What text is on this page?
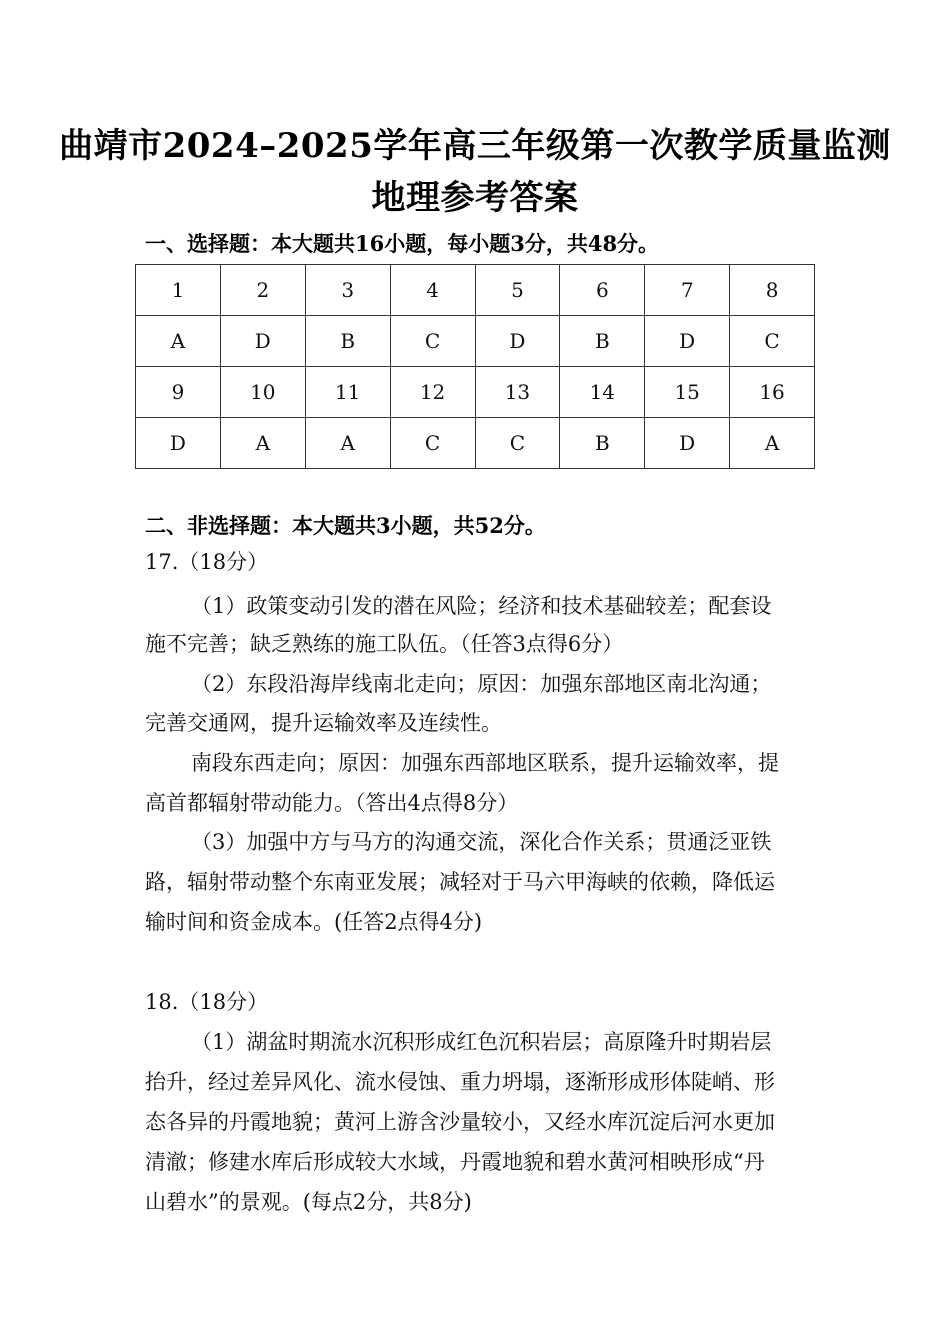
曲靖市2024–2025学年高三年级第一次教学质量监测
地理参考答案
一、选择题：本大题共16小题，每小题3分，共48分。
1	2	3	4	5	6	7	8
A	D	B	C	D	B	D	C
9	10	11	12	13	14	15	16
D	A	A	C	C	B	D	A
二、非选择题：本大题共3小题，共52分。
17.（18分）
（1）政策变动引发的潜在风险；经济和技术基础较差；配套设
施不完善；缺乏熟练的施工队伍。（任答3点得6分）
（2）东段沿海岸线南北走向；原因：加强东部地区南北沟通；
完善交通网，提升运输效率及连续性。
南段东西走向；原因：加强东西部地区联系，提升运输效率，提
高首都辐射带动能力。（答出4点得8分）
（3）加强中方与马方的沟通交流，深化合作关系；贯通泛亚铁
路，辐射带动整个东南亚发展；减轻对于马六甲海峡的依赖，降低运
输时间和资金成本。(任答2点得4分)
18.（18分）
（1）湖盆时期流水沉积形成红色沉积岩层；高原隆升时期岩层
抬升，经过差异风化、流水侵蚀、重力坍塌，逐渐形成形体陡峭、形
态各异的丹霞地貌；黄河上游含沙量较小，又经水库沉淀后河水更加
清澈；修建水库后形成较大水域，丹霞地貌和碧水黄河相映形成“丹
山碧水”的景观。(每点2分，共8分)
